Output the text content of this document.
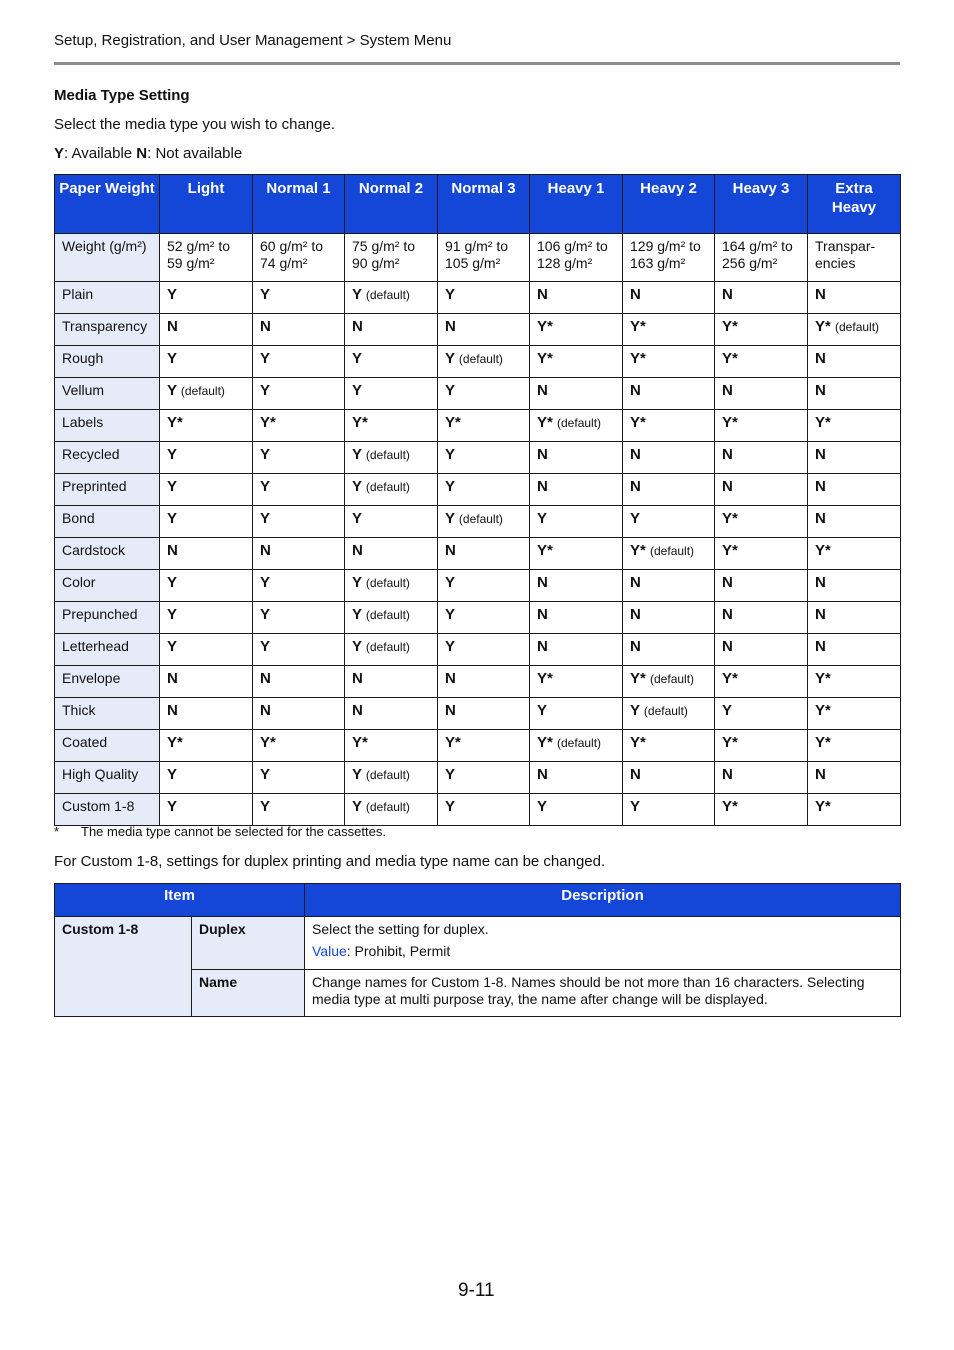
Setup, Registration, and User Management > System Menu
Media Type Setting
Select the media type you wish to change.
Y: Available N: Not available
Paper Weight	Light	Normal 1	Normal 2	Normal 3	Heavy 1	Heavy 2	Heavy 3	Extra Heavy
Weight (g/m²)	52 g/m² to 59 g/m²	60 g/m² to 74 g/m²	75 g/m² to 90 g/m²	91 g/m² to 105 g/m²	106 g/m² to 128 g/m²	129 g/m² to 163 g/m²	164 g/m² to 256 g/m²	Transpar-encies
Plain	Y	Y	Y (default)	Y	N	N	N	N
Transparency	N	N	N	N	Y*	Y*	Y*	Y* (default)
Rough	Y	Y	Y	Y (default)	Y*	Y*	Y*	N
Vellum	Y (default)	Y	Y	Y	N	N	N	N
Labels	Y*	Y*	Y*	Y*	Y* (default)	Y*	Y*	Y*
Recycled	Y	Y	Y (default)	Y	N	N	N	N
Preprinted	Y	Y	Y (default)	Y	N	N	N	N
Bond	Y	Y	Y	Y (default)	Y	Y	Y*	N
Cardstock	N	N	N	N	Y*	Y* (default)	Y*	Y*
Color	Y	Y	Y (default)	Y	N	N	N	N
Prepunched	Y	Y	Y (default)	Y	N	N	N	N
Letterhead	Y	Y	Y (default)	Y	N	N	N	N
Envelope	N	N	N	N	Y*	Y* (default)	Y*	Y*
Thick	N	N	N	N	Y	Y (default)	Y	Y*
Coated	Y*	Y*	Y*	Y*	Y* (default)	Y*	Y*	Y*
High Quality	Y	Y	Y (default)	Y	N	N	N	N
Custom 1-8	Y	Y	Y (default)	Y	Y	Y	Y*	Y*
* The media type cannot be selected for the cassettes.
For Custom 1-8, settings for duplex printing and media type name can be changed.
Item		Description
Custom 1-8	Duplex	Select the setting for duplex.
Value: Prohibit, Permit

	Name	Change names for Custom 1-8. Names should be not more than 16 characters. Selecting media type at multi purpose tray, the name after change will be displayed.
9-11
